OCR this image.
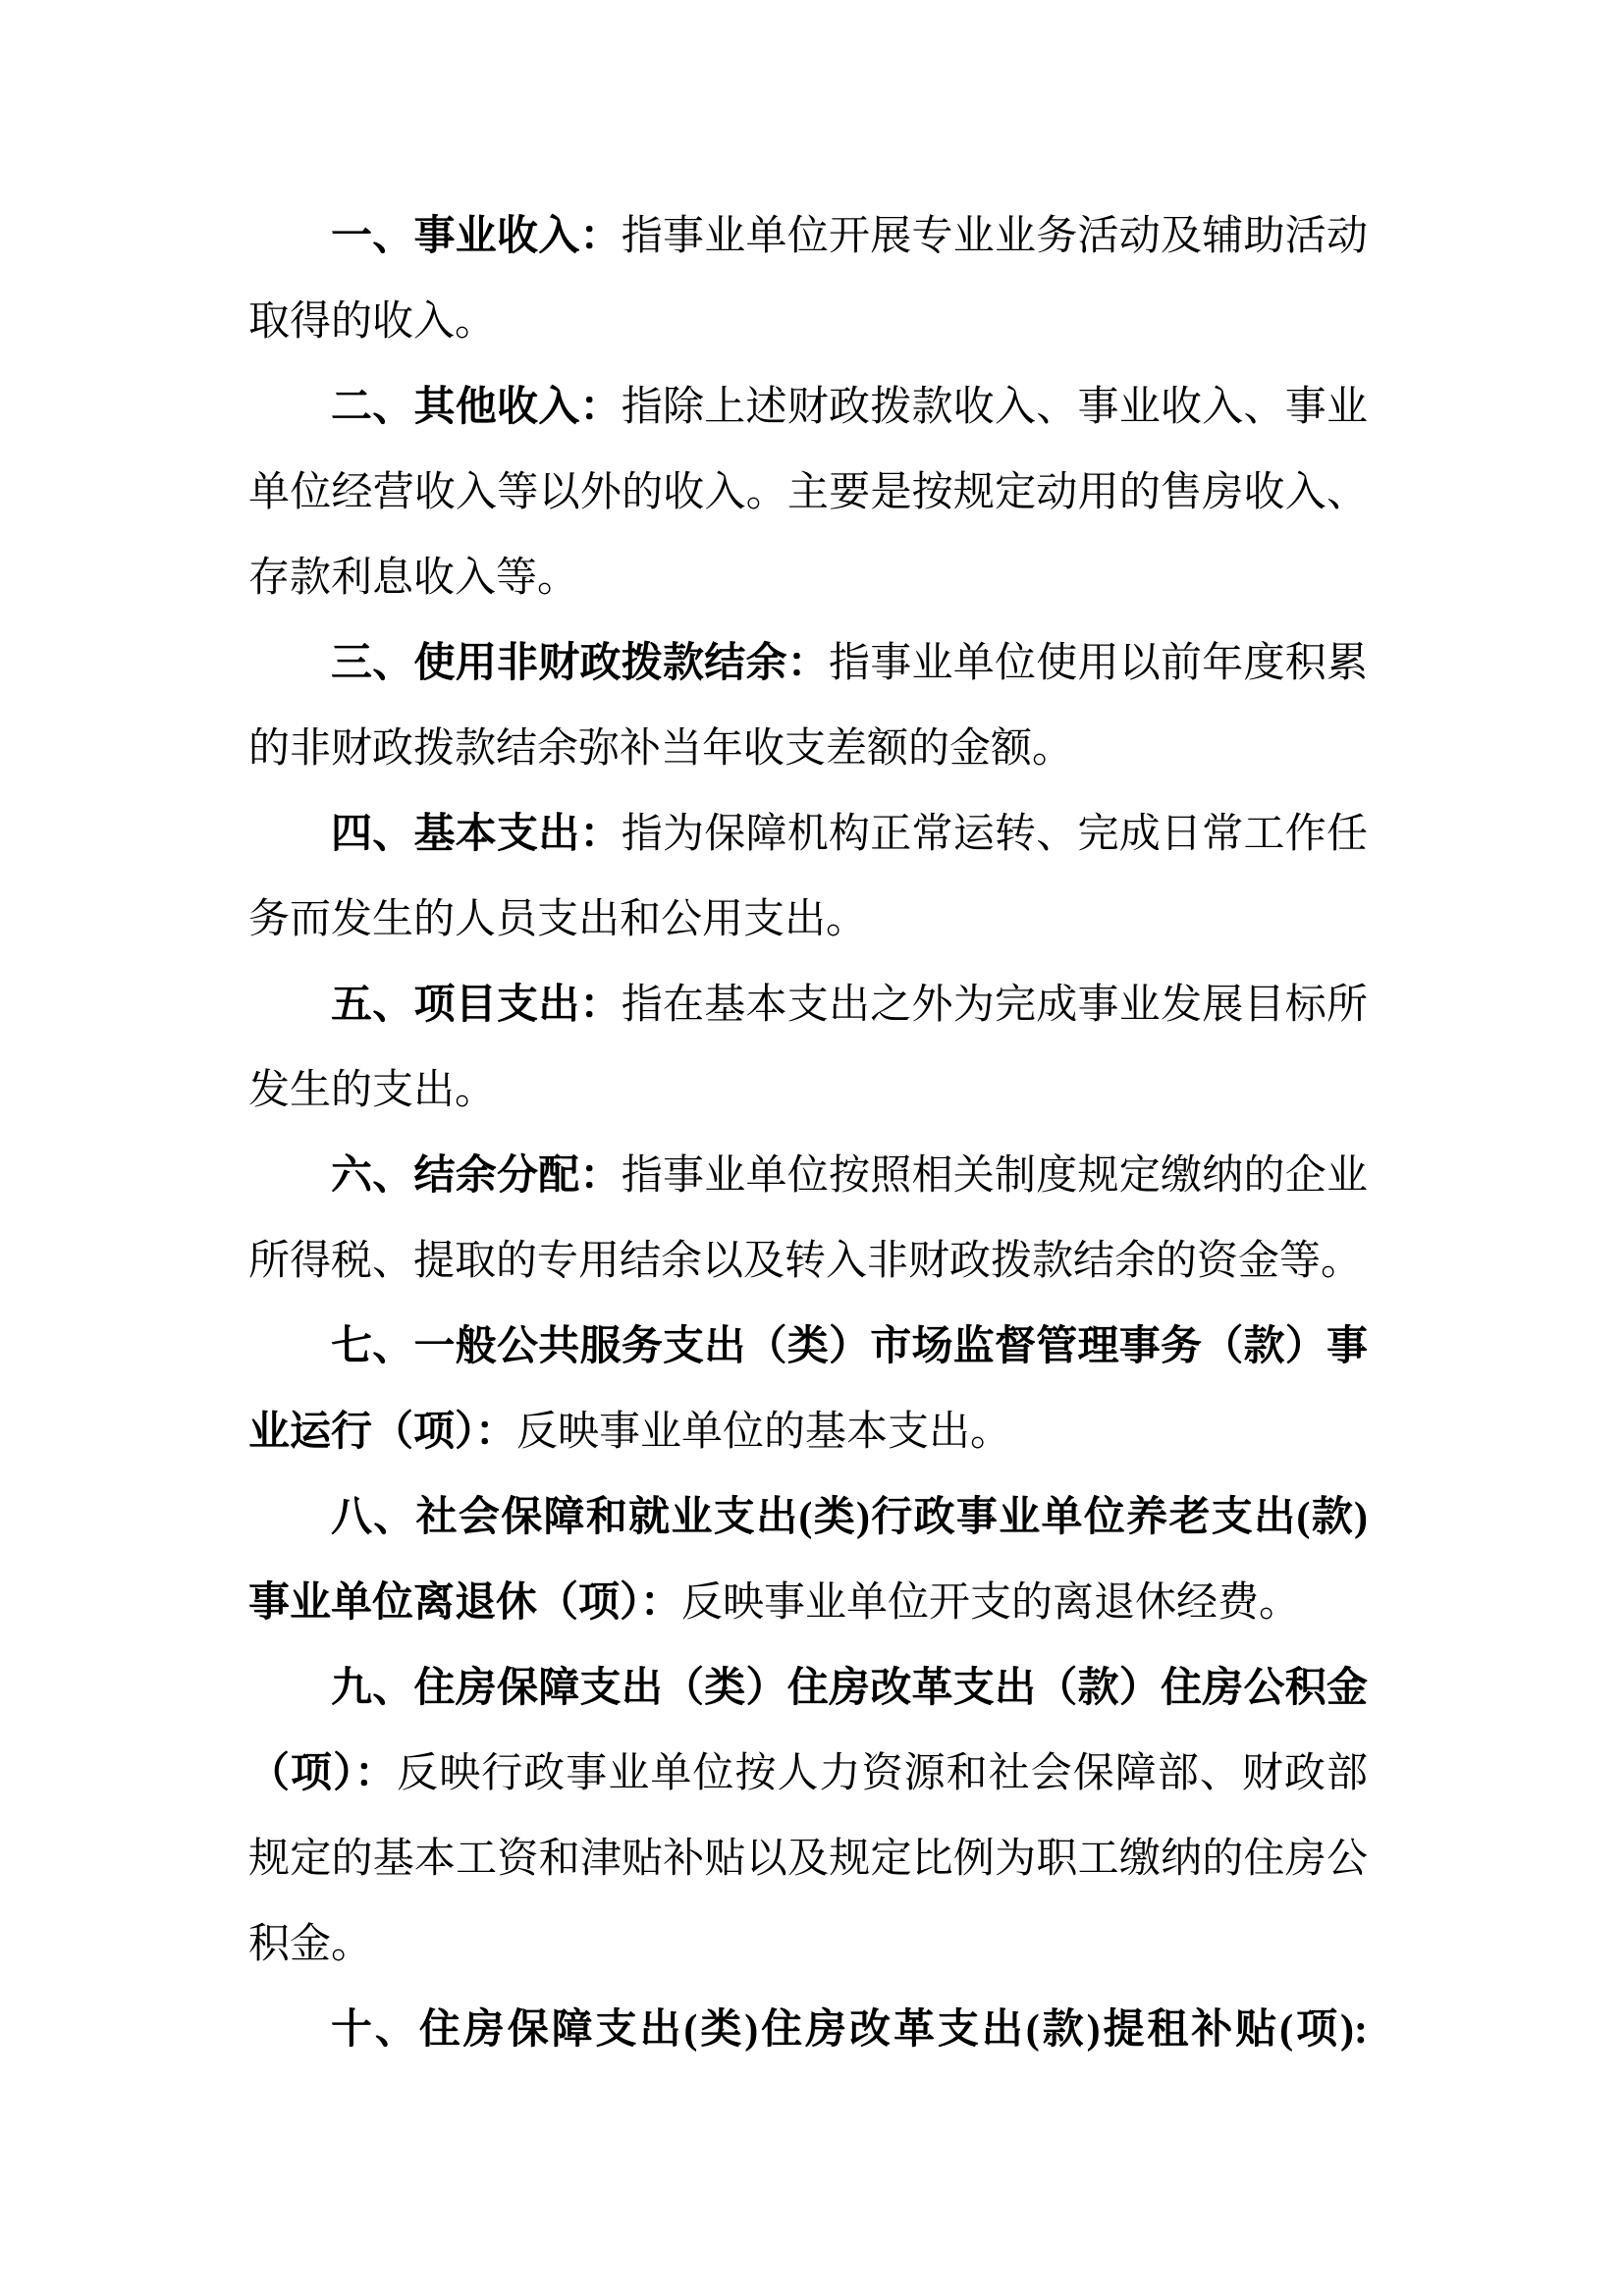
一、事业收入：指事业单位开展专业业务活动及辅助活动取得的收入。

二、其他收入：指除上述财政拨款收入、事业收入、事业单位经营收入等以外的收入。主要是按规定动用的售房收入、存款利息收入等。

三、使用非财政拨款结余：指事业单位使用以前年度积累的非财政拨款结余弥补当年收支差额的金额。

四、基本支出：指为保障机构正常运转、完成日常工作任务而发生的人员支出和公用支出。

五、项目支出：指在基本支出之外为完成事业发展目标所发生的支出。

六、结余分配：指事业单位按照相关制度规定缴纳的企业所得税、提取的专用结余以及转入非财政拨款结余的资金等。

七、一般公共服务支出（类）市场监督管理事务（款）事业运行（项）：反映事业单位的基本支出。

八、社会保障和就业支出(类)行政事业单位养老支出(款)事业单位离退休（项）：反映事业单位开支的离退休经费。

九、住房保障支出（类）住房改革支出（款）住房公积金（项）：反映行政事业单位按人力资源和社会保障部、财政部规定的基本工资和津贴补贴以及规定比例为职工缴纳的住房公积金。

十、住房保障支出(类)住房改革支出(款)提租补贴(项):
